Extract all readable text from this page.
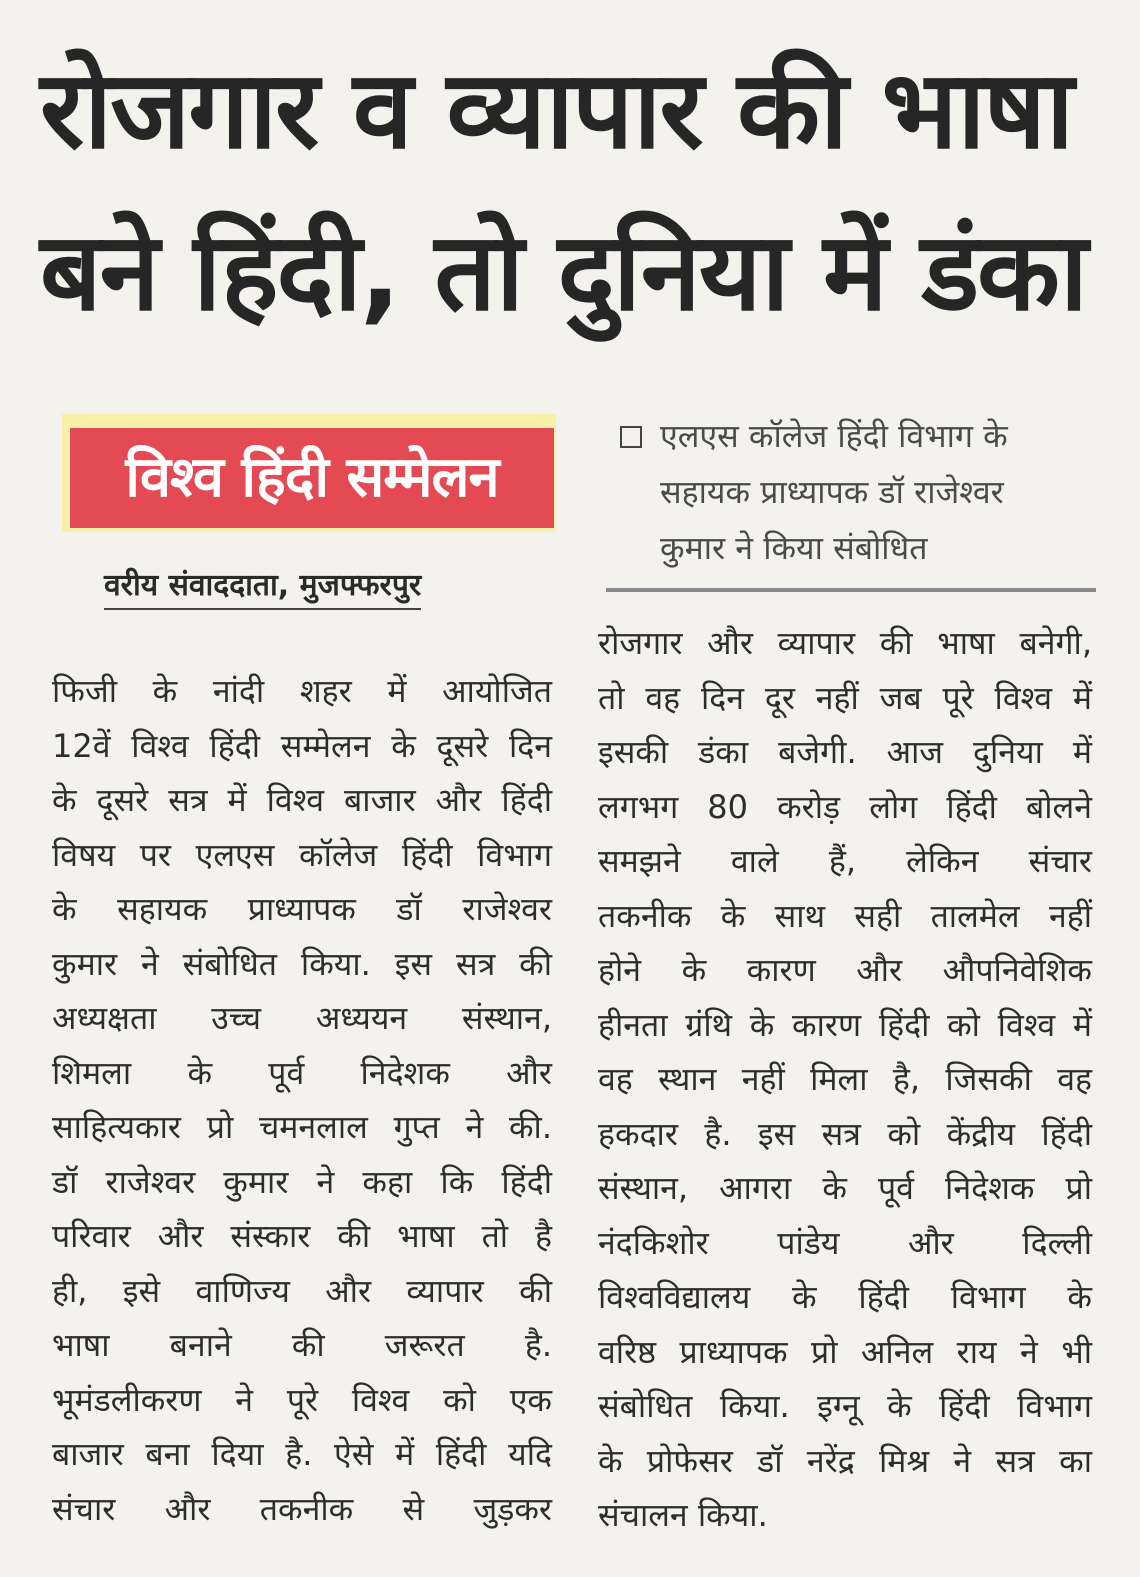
रोजगार व व्यापार की भाषा
बने हिंदी, तो दुनिया में डंका
विश्व हिंदी सम्मेलन
वरीय संवाददाता, मुजफ्फरपुर
एलएस कॉलेज हिंदी विभाग के
सहायक प्राध्यापक डॉ राजेश्वर
कुमार ने किया संबोधित
फिजी के नांदी शहर में आयोजित
12वें विश्व हिंदी सम्मेलन के दूसरे दिन
के दूसरे सत्र में विश्व बाजार और हिंदी
विषय पर एलएस कॉलेज हिंदी विभाग
के सहायक प्राध्यापक डॉ राजेश्वर
कुमार ने संबोधित किया. इस सत्र की
अध्यक्षता उच्च अध्ययन संस्थान,
शिमला के पूर्व निदेशक और
साहित्यकार प्रो चमनलाल गुप्त ने की.
डॉ राजेश्वर कुमार ने कहा कि हिंदी
परिवार और संस्कार की भाषा तो है
ही, इसे वाणिज्य और व्यापार की
भाषा बनाने की जरूरत है.
भूमंडलीकरण ने पूरे विश्व को एक
बाजार बना दिया है. ऐसे में हिंदी यदि
संचार और तकनीक से जुड़कर
रोजगार और व्यापार की भाषा बनेगी,
तो वह दिन दूर नहीं जब पूरे विश्व में
इसकी डंका बजेगी. आज दुनिया में
लगभग 80 करोड़ लोग हिंदी बोलने
समझने वाले हैं, लेकिन संचार
तकनीक के साथ सही तालमेल नहीं
होने के कारण और औपनिवेशिक
हीनता ग्रंथि के कारण हिंदी को विश्व में
वह स्थान नहीं मिला है, जिसकी वह
हकदार है. इस सत्र को केंद्रीय हिंदी
संस्थान, आगरा के पूर्व निदेशक प्रो
नंदकिशोर पांडेय और दिल्ली
विश्वविद्यालय के हिंदी विभाग के
वरिष्ठ प्राध्यापक प्रो अनिल राय ने भी
संबोधित किया. इग्नू के हिंदी विभाग
के प्रोफेसर डॉ नरेंद्र मिश्र ने सत्र का
संचालन किया.
